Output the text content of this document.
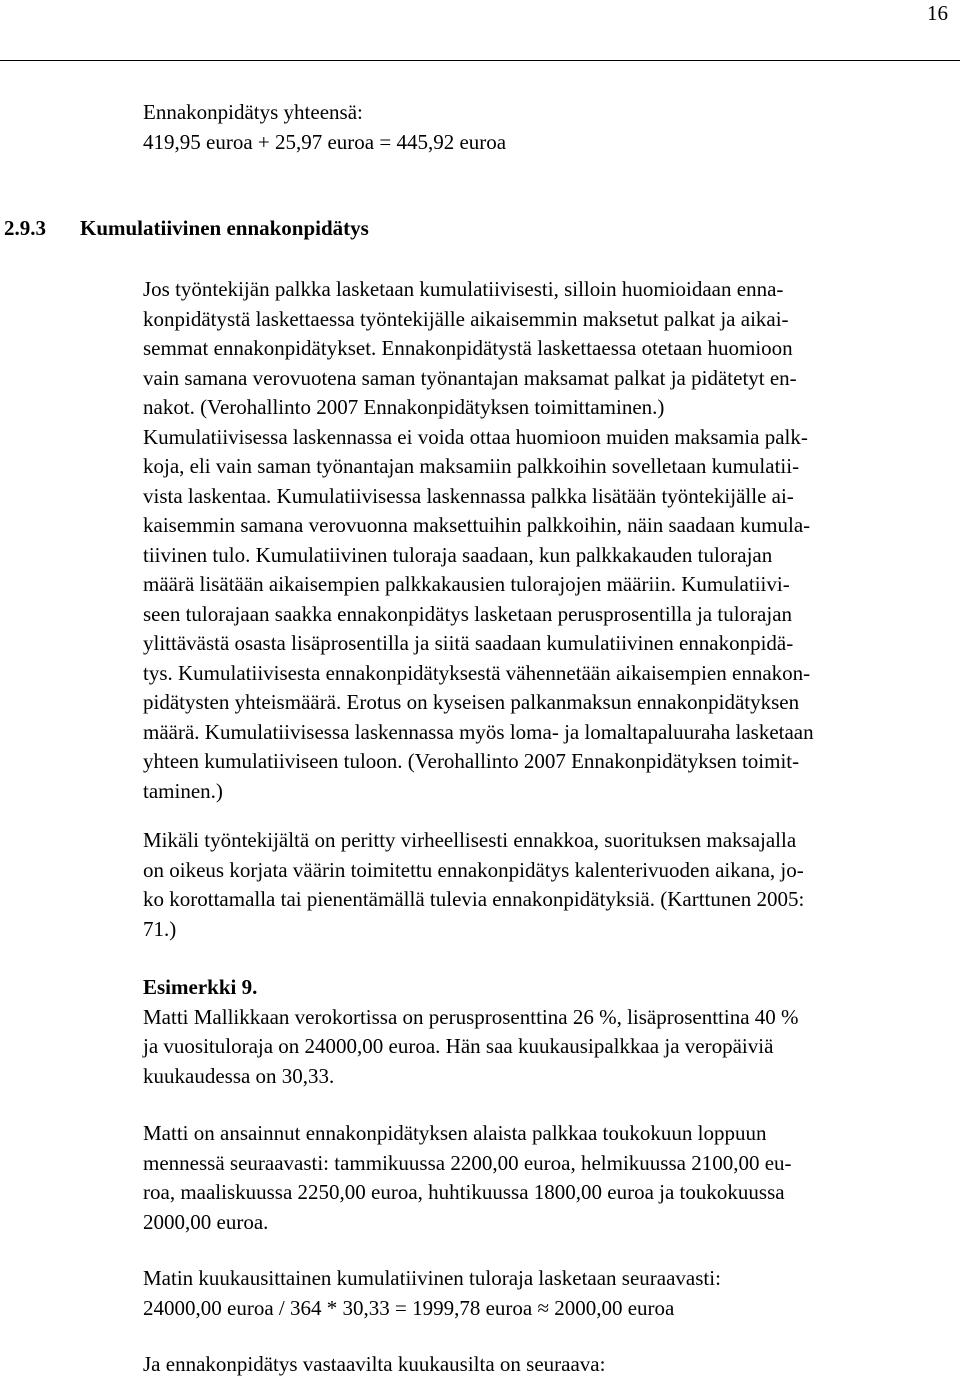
16
Ennakonpidätys yhteensä:
419,95 euroa + 25,97 euroa = 445,92 euroa
2.9.3 Kumulatiivinen ennakonpidätys
Jos työntekijän palkka lasketaan kumulatiivisesti, silloin huomioidaan enna-
konpidätystä laskettaessa työntekijälle aikaisemmin maksetut palkat ja aikai-
semmat ennakonpidätykset. Ennakonpidätystä laskettaessa otetaan huomioon
vain samana verovuotena saman työnantajan maksamat palkat ja pidätetyt en-
nakot. (Verohallinto 2007 Ennakonpidätyksen toimittaminen.)
Kumulatiivisessa laskennassa ei voida ottaa huomioon muiden maksamia palk-
koja, eli vain saman työnantajan maksamiin palkkoihin sovelletaan kumulatii-
vista laskentaa. Kumulatiivisessa laskennassa palkka lisätään työntekijälle ai-
kaisemmin samana verovuonna maksettuihin palkkoihin, näin saadaan kumula-
tiivinen tulo. Kumulatiivinen tuloraja saadaan, kun palkkakauden tulorajan
määrä lisätään aikaisempien palkkakausien tulorajojen määriin. Kumulatiivi-
seen tulorajaan saakka ennakonpidätys lasketaan perusprosentilla ja tulorajan
ylittävästä osasta lisäprosentilla ja siitä saadaan kumulatiivinen ennakonpidä-
tys. Kumulatiivisesta ennakonpidätyksestä vähennetään aikaisempien ennakon-
pidätysten yhteismäärä. Erotus on kyseisen palkanmaksun ennakonpidätyksen
määrä. Kumulatiivisessa laskennassa myös loma- ja lomaltapaluuraha lasketaan
yhteen kumulatiiviseen tuloon. (Verohallinto 2007 Ennakonpidätyksen toimit-
taminen.)
Mikäli työntekijältä on peritty virheellisesti ennakkoa, suorituksen maksajalla
on oikeus korjata väärin toimitettu ennakonpidätys kalenterivuoden aikana, jo-
ko korottamalla tai pienentämällä tulevia ennakonpidätyksiä. (Karttunen 2005:
71.)
Esimerkki 9.
Matti Mallikkaan verokortissa on perusprosenttina 26 %, lisäprosenttina 40 %
ja vuosituloraja on 24000,00 euroa. Hän saa kuukausipalkkaa ja veropäiviä
kuukaudessa on 30,33.
Matti on ansainnut ennakonpidätyksen alaista palkkaa toukokuun loppuun
mennessä seuraavasti: tammikuussa 2200,00 euroa, helmikuussa 2100,00 eu-
roa, maaliskuussa 2250,00 euroa, huhtikuussa 1800,00 euroa ja toukokuussa
2000,00 euroa.
Matin kuukausittainen kumulatiivinen tuloraja lasketaan seuraavasti:
24000,00 euroa / 364 * 30,33 = 1999,78 euroa ≈ 2000,00 euroa
Ja ennakonpidätys vastaavilta kuukausilta on seuraava:
